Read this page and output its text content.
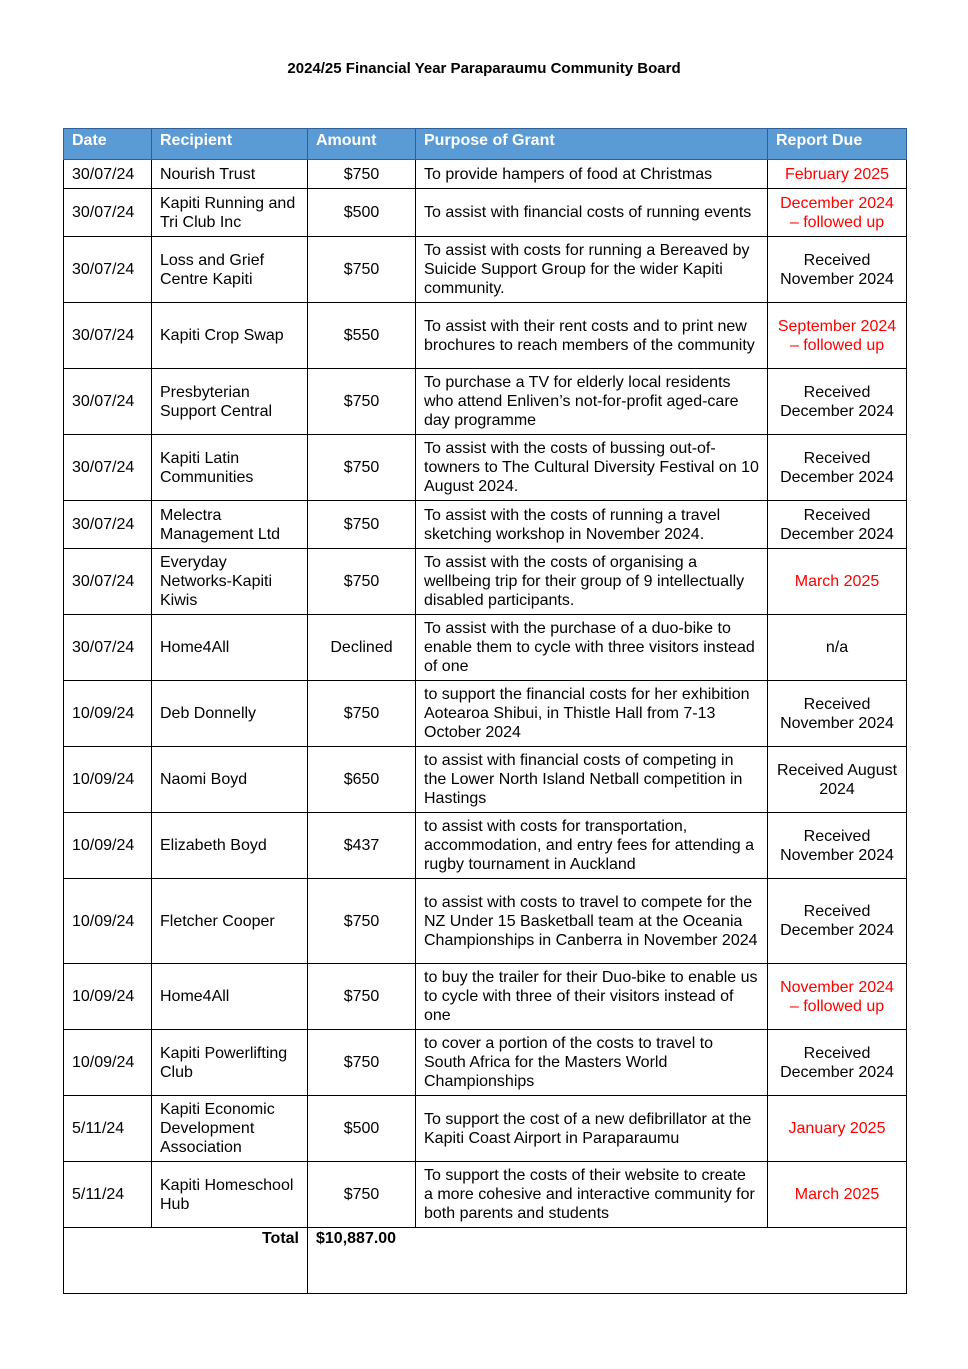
2024/25 Financial Year Paraparaumu Community Board
Date	Recipient	Amount	Purpose of Grant	Report Due
30/07/24	Nourish Trust	$750	To provide hampers of food at Christmas	February 2025
30/07/24	Kapiti Running and Tri Club Inc	$500	To assist with financial costs of running events	December 2024 – followed up
30/07/24	Loss and Grief Centre Kapiti	$750	To assist with costs for running a Bereaved by Suicide Support Group for the wider Kapiti community.	Received November 2024
30/07/24	Kapiti Crop Swap	$550	To assist with their rent costs and to print new brochures to reach members of the community	September 2024 – followed up
30/07/24	Presbyterian Support Central	$750	To purchase a TV for elderly local residents who attend Enliven’s not-for-profit aged-care day programme	Received December 2024
30/07/24	Kapiti Latin Communities	$750	To assist with the costs of bussing out-of-towners to The Cultural Diversity Festival on 10 August 2024.	Received December 2024
30/07/24	Melectra Management Ltd	$750	To assist with the costs of running a travel sketching workshop in November 2024.	Received December 2024
30/07/24	Everyday Networks-Kapiti Kiwis	$750	To assist with the costs of organising a wellbeing trip for their group of 9 intellectually disabled participants.	March 2025
30/07/24	Home4All	Declined	To assist with the purchase of a duo-bike to enable them to cycle with three visitors instead of one	n/a
10/09/24	Deb Donnelly	$750	to support the financial costs for her exhibition Aotearoa Shibui, in Thistle Hall from 7-13 October 2024	Received November 2024
10/09/24	Naomi Boyd	$650	to assist with financial costs of competing in the Lower North Island Netball competition in Hastings	Received August 2024
10/09/24	Elizabeth Boyd	$437	to assist with costs for transportation, accommodation, and entry fees for attending a rugby tournament in Auckland	Received November 2024
10/09/24	Fletcher Cooper	$750	to assist with costs to travel to compete for the NZ Under 15 Basketball team at the Oceania Championships in Canberra in November 2024	Received December 2024
10/09/24	Home4All	$750	to buy the trailer for their Duo-bike to enable us to cycle with three of their visitors instead of one	November 2024 – followed up
10/09/24	Kapiti Powerlifting Club	$750	to cover a portion of the costs to travel to South Africa for the Masters World Championships	Received December 2024
5/11/24	Kapiti Economic Development Association	$500	To support the cost of a new defibrillator at the Kapiti Coast Airport in Paraparaumu	January 2025
5/11/24	Kapiti Homeschool Hub	$750	To support the costs of their website to create a more cohesive and interactive community for both parents and students	March 2025
Total		$10,887.00		
